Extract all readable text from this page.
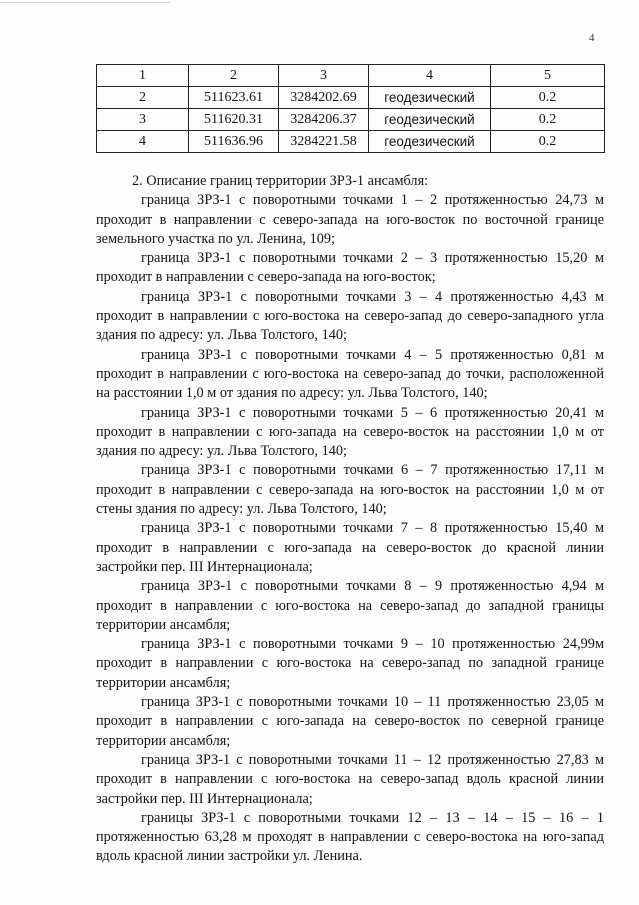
4
1	2	3	4	5
2	511623.61	3284202.69	геодезический	0.2
3	511620.31	3284206.37	геодезический	0.2
4	511636.96	3284221.58	геодезический	0.2

2. Описание границ территории ЗРЗ-1 ансамбля:

граница ЗРЗ-1 с поворотными точками 1 – 2 протяженностью 24,73 м проходит в направлении с северо-запада на юго-восток по восточной границе земельного участка по ул. Ленина, 109;

граница ЗРЗ-1 с поворотными точками 2 – 3 протяженностью 15,20 м проходит в направлении с северо-запада на юго-восток;

граница ЗРЗ-1 с поворотными точками 3 – 4 протяженностью 4,43 м проходит в направлении с юго-востока на северо-запад до северо-западного угла здания по адресу: ул. Льва Толстого, 140;

граница ЗРЗ-1 с поворотными точками 4 – 5 протяженностью 0,81 м проходит в направлении с юго-востока на северо-запад до точки, расположенной на расстоянии 1,0 м от здания по адресу: ул. Льва Толстого, 140;

граница ЗРЗ-1 с поворотными точками 5 – 6 протяженностью 20,41 м проходит в направлении с юго-запада на северо-восток на расстоянии 1,0 м от здания по адресу: ул. Льва Толстого, 140;

граница ЗРЗ-1 с поворотными точками 6 – 7 протяженностью 17,11 м проходит в направлении с северо-запада на юго-восток на расстоянии 1,0 м от стены здания по адресу: ул. Льва Толстого, 140;

граница ЗРЗ-1 с поворотными точками 7 – 8 протяженностью 15,40 м проходит в направлении с юго-запада на северо-восток до красной линии застройки пер. III Интернационала;

граница ЗРЗ-1 с поворотными точками 8 – 9 протяженностью 4,94 м проходит в направлении с юго-востока на северо-запад до западной границы территории ансамбля;

граница ЗРЗ-1 с поворотными точками 9 – 10 протяженностью 24,99м проходит в направлении с юго-востока на северо-запад по западной границе территории ансамбля;

граница ЗРЗ-1 с поворотными точками 10 – 11 протяженностью 23,05 м проходит в направлении с юго-запада на северо-восток по северной границе территории ансамбля;

граница ЗРЗ-1 с поворотными точками 11 – 12 протяженностью 27,83 м проходит в направлении с юго-востока на северо-запад вдоль красной линии застройки пер. III Интернационала;

границы ЗРЗ-1 с поворотными точками 12 – 13 – 14 – 15 – 16 – 1 протяженностью 63,28 м проходят в направлении с северо-востока на юго-запад вдоль красной линии застройки ул. Ленина.
